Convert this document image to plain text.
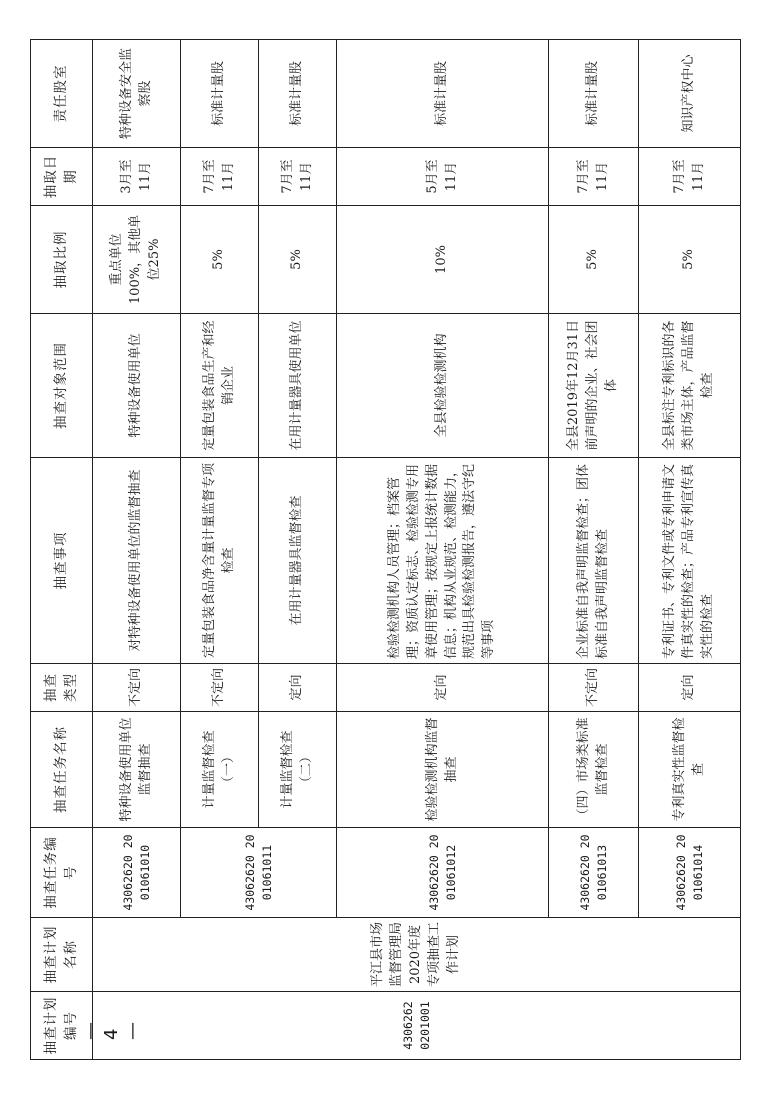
抽查计划编号	抽查计划名称	抽查任务编号	抽查任务名称	抽查类型	抽查事项	抽查对象范围	抽取比例	抽取日期	责任股室
4306262 0201001	平江县市场监督管理局2020年度专项抽查工作计划	43062620 2001061010	特种设备使用单位监督抽查	不定向	对特种设备使用单位的监督抽查	特种设备使用单位	重点单位100%，其他单位25%	3月至11月	特种设备安全监察股
		43062620 2001061011	计量监督检查（一）	不定向	定量包装食品净含量计量监督专项检查	定量包装食品生产和经销企业	5%	7月至11月	标准计量股
			计量监督检查（二）	定向	在用计量器具监督检查	在用计量器具使用单位	5%	7月至11月	标准计量股
		43062620 2001061012	检验检测机构监督抽查	定向	检验检测机构人员管理；档案管理；资质认定标志、检验检测专用章使用管理；按规定上报统计数据信息；机构从业规范、检测能力，规范出具检验检测报告，遵法守纪等事项	全县检验检测机构	10%	5月至11月	标准计量股
		43062620 2001061013	（四）市场类标准监督检查	不定向	企业标准自我声明监督检查；团体标准自我声明监督检查	全县2019年12月31日前声明的企业、社会团体	5%	7月至11月	标准计量股
		43062620 2001061014	专利真实性监督检查	定向	专利证书、专利文件或专利申请文件真实性的检查；产品专利宣传真实性的检查	全县标注专利标识的各类市场主体，产品监督检查	5%	7月至11月	知识产权中心
— 4 —
